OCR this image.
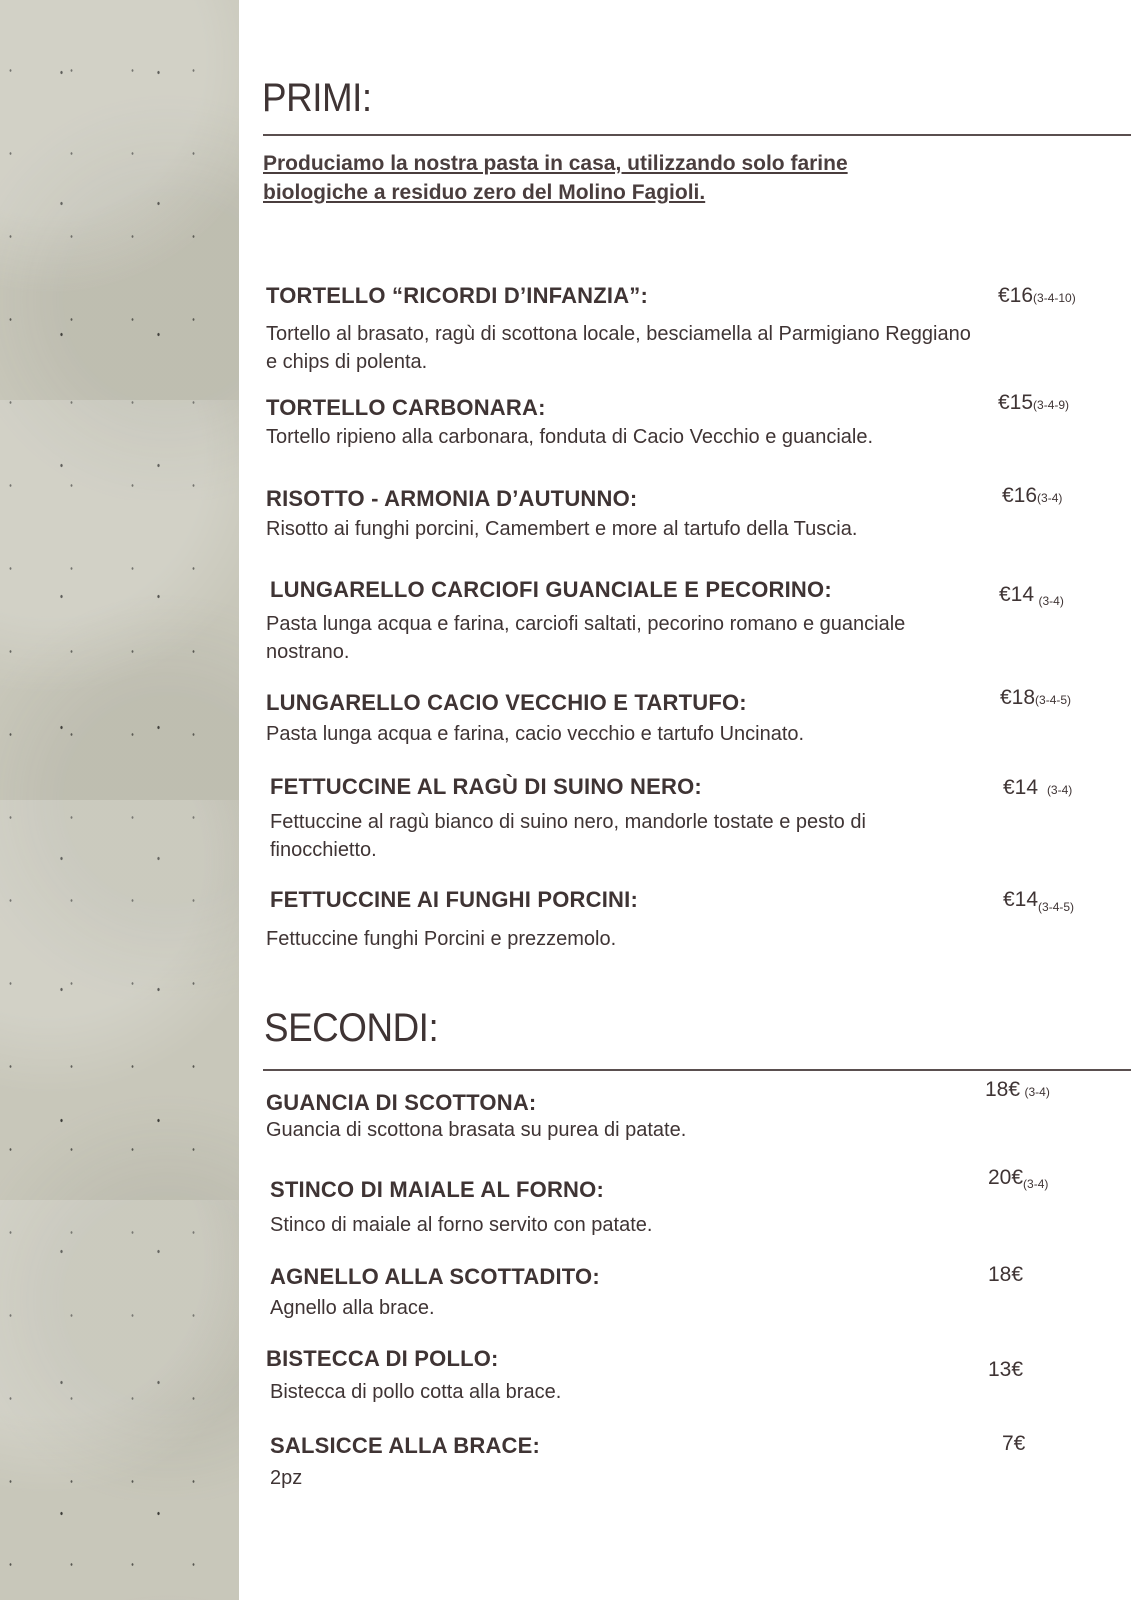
PRIMI:
Produciamo la nostra pasta in casa, utilizzando solo farine
biologiche a residuo zero del Molino Fagioli.
TORTELLO “RICORDI D’INFANZIA”:
Tortello al brasato, ragù di scottona locale, besciamella al Parmigiano Reggiano e chips di polenta.
€16(3-4-10)
TORTELLO CARBONARA:
Tortello ripieno alla carbonara, fonduta di Cacio Vecchio e guanciale.
€15(3-4-9)
RISOTTO - ARMONIA D’AUTUNNO:
Risotto ai funghi porcini, Camembert e more al tartufo della Tuscia.
€16(3-4)
LUNGARELLO CARCIOFI GUANCIALE E PECORINO:
Pasta lunga acqua e farina, carciofi saltati, pecorino romano e guanciale nostrano.
€14 $_{(3-4)}$
LUNGARELLO CACIO VECCHIO E TARTUFO:
Pasta lunga acqua e farina, cacio vecchio e tartufo Uncinato.
€18(3-4-5)
FETTUCCINE AL RAGÙ DI SUINO NERO:
Fettuccine al ragù bianco di suino nero, mandorle tostate e pesto di finocchietto.
€14 (3-4)
FETTUCCINE AI FUNGHI PORCINI:
Fettuccine funghi Porcini e prezzemolo.
$€14_{(3-4-5)}$
SECONDI:
GUANCIA DI SCOTTONA:
Guancia di scottona brasata su purea di patate.
18€ (3-4)
STINCO DI MAIALE AL FORNO:
Stinco di maiale al forno servito con patate.
$20€_{(3-4)}$
AGNELLO ALLA SCOTTADITO:
Agnello alla brace.
18€
BISTECCA DI POLLO:
Bistecca di pollo cotta alla brace.
13€
SALSICCE ALLA BRACE:
2pz
7€
